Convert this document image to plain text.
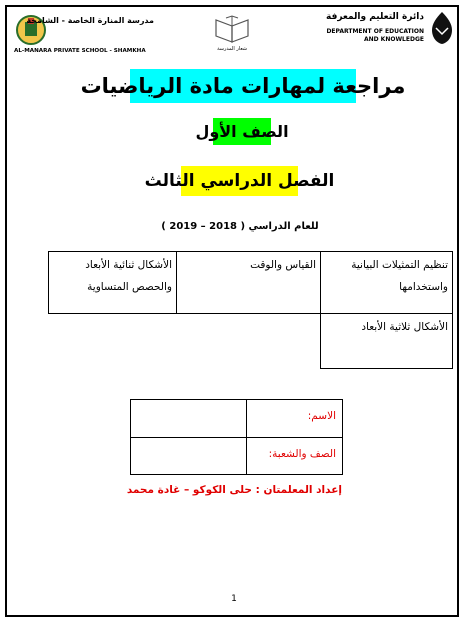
مدرسة المنارة الخاصة - الشامخة
AL-MANARA PRIVATE SCHOOL - SHAMKHA	شعار المدرسة
دائرة التعليم والمعرفة
DEPARTMENT OF EDUCATION
AND KNOWLEDGE
مراجعة لمهارات مادة الرياضيات
الصف الأول
الفصل الدراسي الثالث
للعام الدراسي ( 2018 – 2019 )
تنظيم التمثيلات البيانية واستخدامها
القياس والوقت
الأشكال ثنائية الأبعاد والحصص المتساوية
الأشكال ثلاثية الأبعاد
الاسم:
الصف والشعبة:
إعداد المعلمتان : حلى الكوكو – غادة محمد
1
